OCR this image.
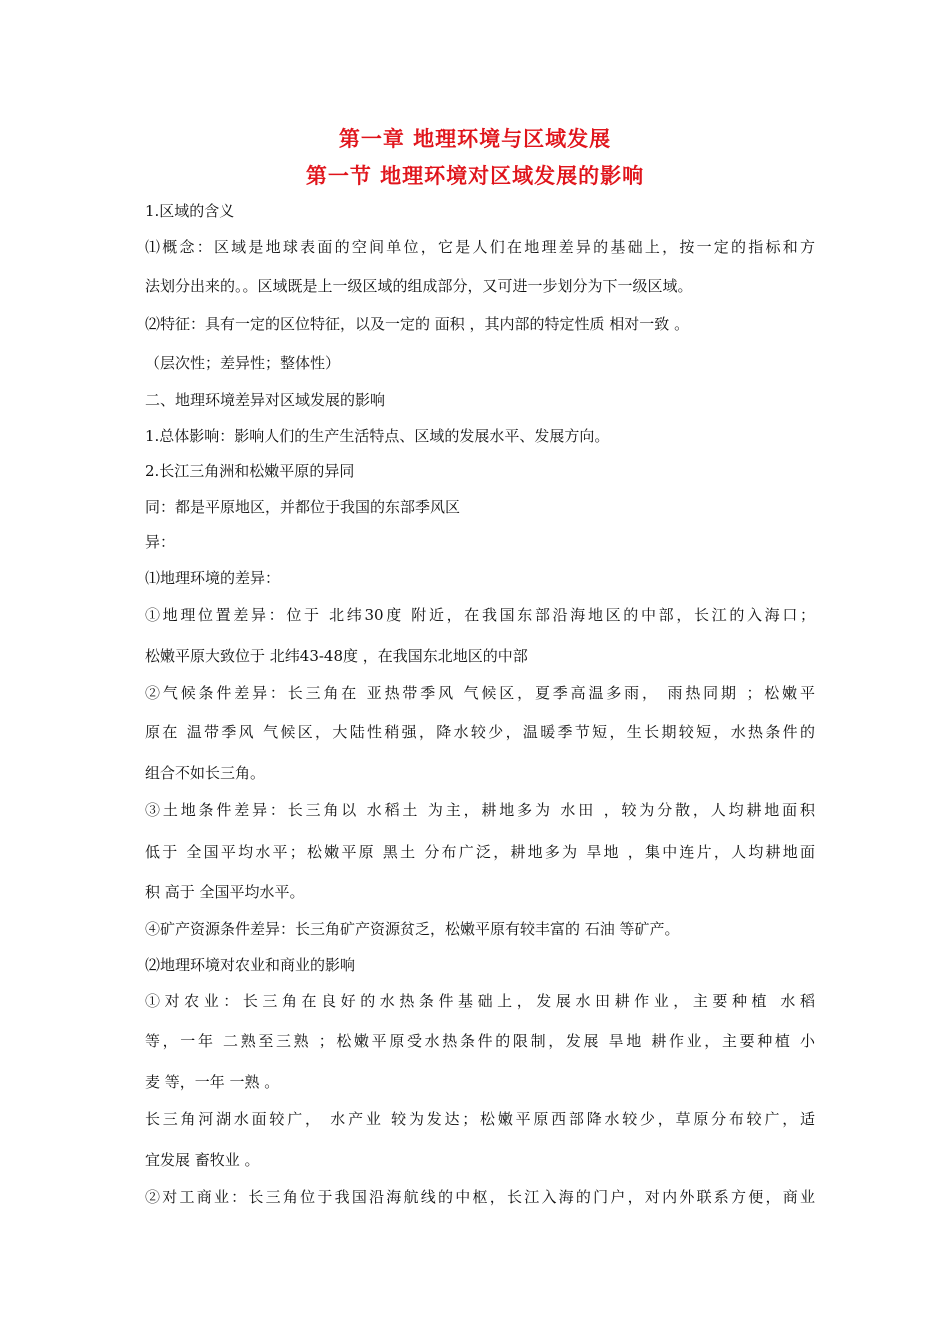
第一章 地理环境与区域发展
第一节 地理环境对区域发展的影响
1.区域的含义
⑴概念：区域是地球表面的空间单位，它是人们在地理差异的基础上，按一定的指标和方
法划分出来的。。区域既是上一级区域的组成部分，又可进一步划分为下一级区域。
⑵特征：具有一定的区位特征，以及一定的 面积 ，其内部的特定性质 相对一致 。
（层次性；差异性；整体性）
二、地理环境差异对区域发展的影响
1.总体影响：影响人们的生产生活特点、区域的发展水平、发展方向。
2.长江三角洲和松嫩平原的异同
同：都是平原地区，并都位于我国的东部季风区
异：
⑴地理环境的差异：
①地理位置差异：位于 北纬30度 附近，在我国东部沿海地区的中部，长江的入海口；
松嫩平原大致位于 北纬43-48度 ，在我国东北地区的中部
②气候条件差异：长三角在 亚热带季风 气候区，夏季高温多雨， 雨热同期 ；松嫩平
原在 温带季风 气候区，大陆性稍强，降水较少，温暖季节短，生长期较短，水热条件的
组合不如长三角。
③土地条件差异：长三角以 水稻土 为主，耕地多为 水田 ，较为分散，人均耕地面积
低于 全国平均水平；松嫩平原 黑土 分布广泛，耕地多为 旱地 ，集中连片，人均耕地面
积 高于 全国平均水平。
④矿产资源条件差异：长三角矿产资源贫乏，松嫩平原有较丰富的 石油 等矿产。
⑵地理环境对农业和商业的影响
①对农业：长三角在良好的水热条件基础上，发展水田耕作业，主要种植 水稻
等，一年 二熟至三熟 ；松嫩平原受水热条件的限制，发展 旱地 耕作业，主要种植 小
麦 等，一年 一熟 。
长三角河湖水面较广， 水产业 较为发达；松嫩平原西部降水较少，草原分布较广，适
宜发展 畜牧业 。
②对工商业：长三角位于我国沿海航线的中枢，长江入海的门户，对内外联系方便，商业
